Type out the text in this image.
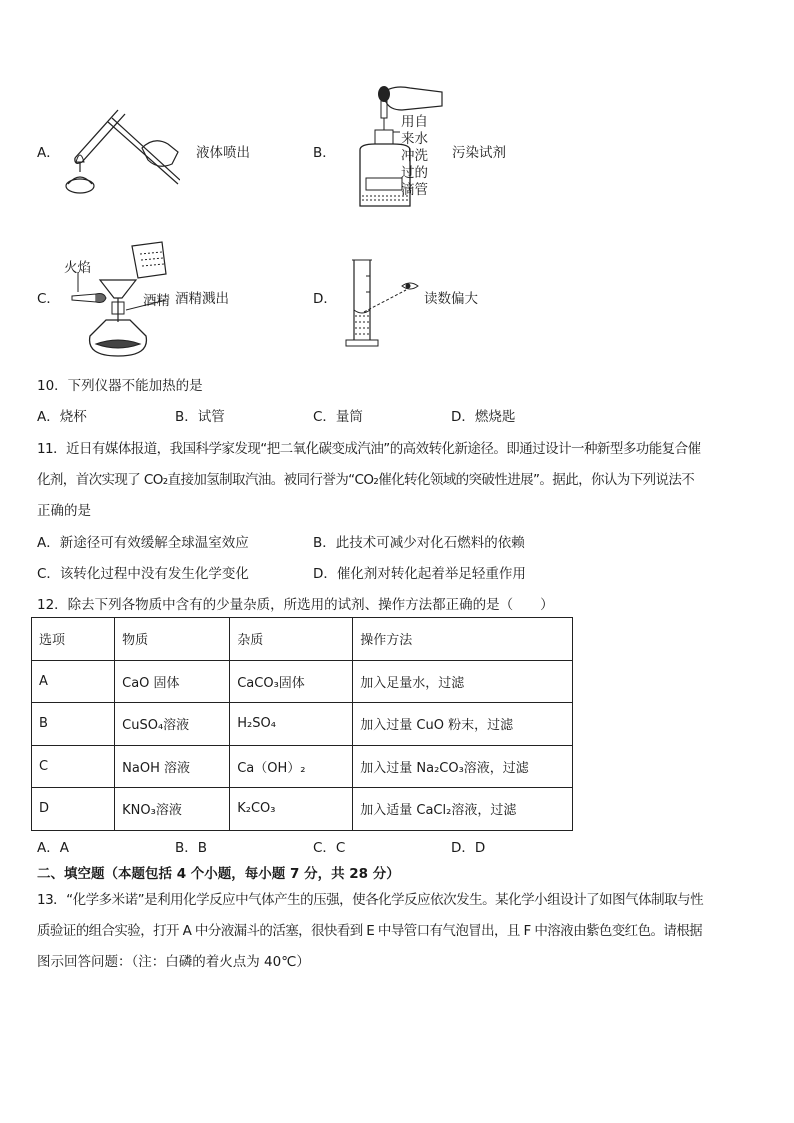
A．	液体喷出	B．
用自
来水
冲洗
过的
滴管
污染试剂
C．
火焰
酒精 酒精溅出	D．	读数偏大
10．下列仪器不能加热的是
A．烧杯	B．试管	C．量筒	D．燃烧匙
11．近日有媒体报道，我国科学家发现“把二氧化碳变成汽油”的高效转化新途径。即通过设计一种新型多功能复合催
化剂，首次实现了 CO₂直接加氢制取汽油。被同行誉为“CO₂催化转化领域的突破性进展”。据此，你认为下列说法不
正确的是
A．新途径可有效缓解全球温室效应	B．此技术可减少对化石燃料的依赖
C．该转化过程中没有发生化学变化	D．催化剂对转化起着举足轻重作用
12．除去下列各物质中含有的少量杂质，所选用的试剂、操作方法都正确的是（　　）
选项	物质	杂质	操作方法
A	CaO 固体	CaCO₃固体	加入足量水，过滤
B	CuSO₄溶液	H₂SO₄	加入过量 CuO 粉末，过滤
C	NaOH 溶液	Ca（OH）₂	加入过量 Na₂CO₃溶液，过滤
D	KNO₃溶液	K₂CO₃	加入适量 CaCl₂溶液，过滤
A．A	B．B	C．C	D．D
二、填空题（本题包括 4 个小题，每小题 7 分，共 28 分）
13．“化学多米诺”是利用化学反应中气体产生的压强，使各化学反应依次发生。某化学小组设计了如图气体制取与性
质验证的组合实验，打开 A 中分液漏斗的活塞，很快看到 E 中导管口有气泡冒出，且 F 中溶液由紫色变红色。请根据
图示回答问题：（注：白磷的着火点为 40℃）
